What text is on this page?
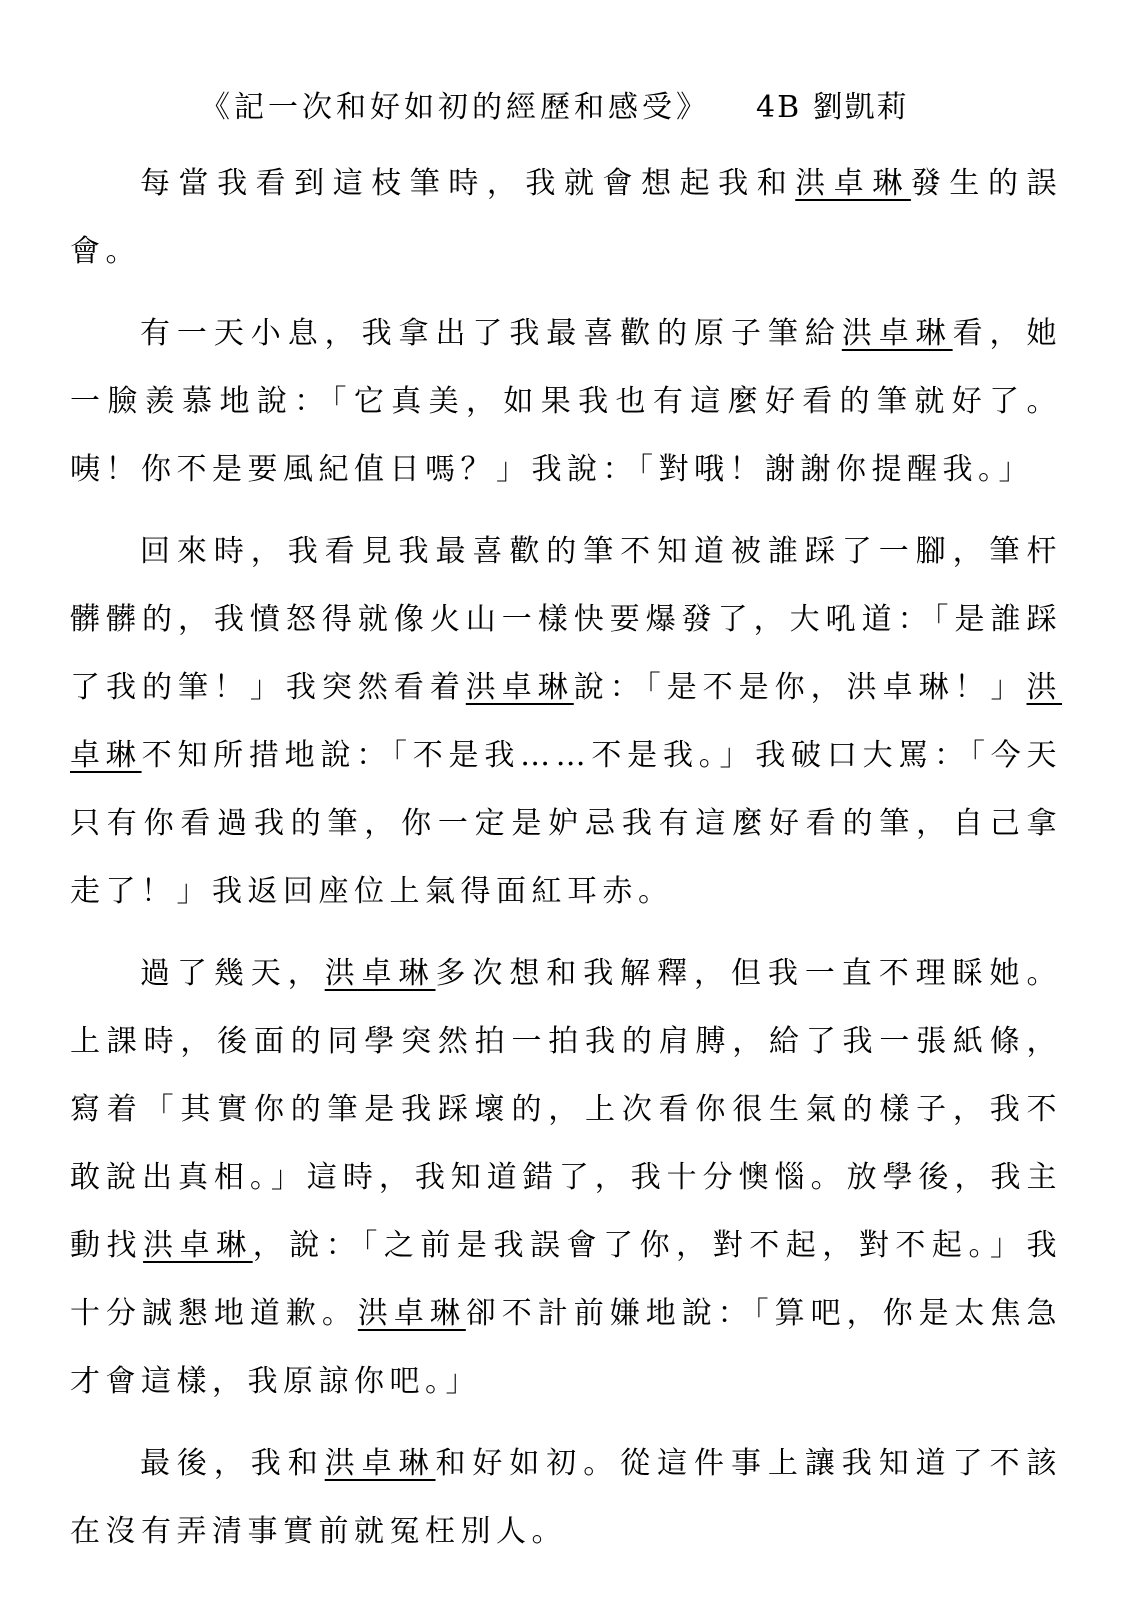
《記一次和好如初的經歷和感受》 4B 劉凱莉

每當我看到這枝筆時，我就會想起我和洪卓琳發生的誤會。

有一天小息，我拿出了我最喜歡的原子筆給洪卓琳看，她一臉羨慕地說：「它真美，如果我也有這麼好看的筆就好了。咦！你不是要風紀值日嗎？」我說：「對哦！謝謝你提醒我。」

回來時，我看見我最喜歡的筆不知道被誰踩了一腳，筆杆髒髒的，我憤怒得就像火山一樣快要爆發了，大吼道：「是誰踩了我的筆！」我突然看着洪卓琳說：「是不是你，洪卓琳！」洪卓琳不知所措地說：「不是我……不是我。」我破口大罵：「今天只有你看過我的筆，你一定是妒忌我有這麼好看的筆，自己拿走了！」我返回座位上氣得面紅耳赤。

過了幾天，洪卓琳多次想和我解釋，但我一直不理睬她。上課時，後面的同學突然拍一拍我的肩膊，給了我一張紙條，寫着「其實你的筆是我踩壞的，上次看你很生氣的樣子，我不敢說出真相。」這時，我知道錯了，我十分懊惱。放學後，我主動找洪卓琳，說：「之前是我誤會了你，對不起，對不起。」我十分誠懇地道歉。洪卓琳卻不計前嫌地說：「算吧，你是太焦急才會這樣，我原諒你吧。」

最後，我和洪卓琳和好如初。從這件事上讓我知道了不該在沒有弄清事實前就冤枉別人。
